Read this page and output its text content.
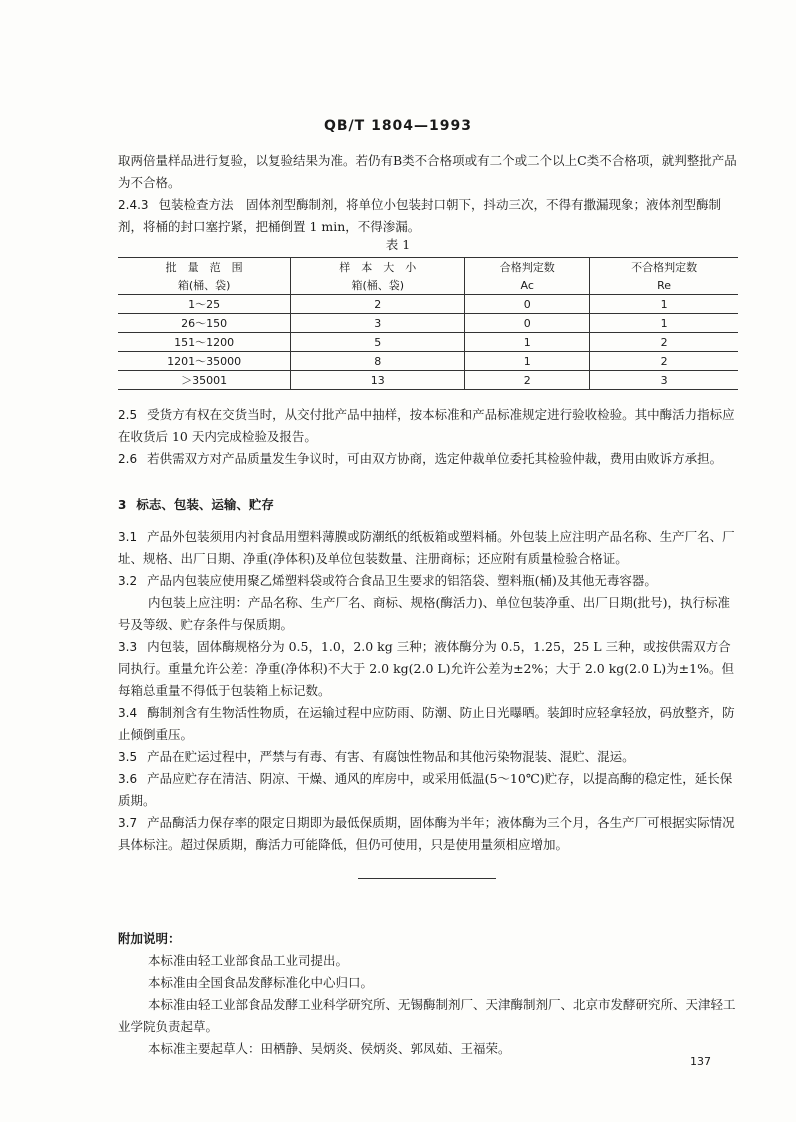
QB/T 1804—1993

取两倍量样品进行复验，以复验结果为准。若仍有B类不合格项或有二个或二个以上C类不合格项，就判整批产品为不合格。

2.4.3 包装检查方法　固体剂型酶制剂，将单位小包装封口朝下，抖动三次，不得有撒漏现象；液体剂型酶制剂，将桶的封口塞拧紧，把桶倒置 1 min，不得渗漏。

表 1
批　量　范　围	样　本　大　小	合格判定数	不合格判定数
箱(桶、袋)	箱(桶、袋)	Ac	Re
1～25	2	0	1
26～150	3	0	1
151～1200	5	1	2
1201～35000	8	1	2
＞35001	13	2	3

2.5 受货方有权在交货当时，从交付批产品中抽样，按本标准和产品标准规定进行验收检验。其中酶活力指标应在收货后 10 天内完成检验及报告。

2.6 若供需双方对产品质量发生争议时，可由双方协商，选定仲裁单位委托其检验仲裁，费用由败诉方承担。

3 标志、包装、运输、贮存

3.1 产品外包装须用内衬食品用塑料薄膜或防潮纸的纸板箱或塑料桶。外包装上应注明产品名称、生产厂名、厂址、规格、出厂日期、净重(净体积)及单位包装数量、注册商标；还应附有质量检验合格证。

3.2 产品内包装应使用聚乙烯塑料袋或符合食品卫生要求的铝箔袋、塑料瓶(桶)及其他无毒容器。

内包装上应注明：产品名称、生产厂名、商标、规格(酶活力)、单位包装净重、出厂日期(批号)，执行标准号及等级、贮存条件与保质期。

3.3 内包装，固体酶规格分为 0.5，1.0，2.0 kg 三种；液体酶分为 0.5，1.25，25 L 三种，或按供需双方合同执行。重量允许公差：净重(净体积)不大于 2.0 kg(2.0 L)允许公差为±2%；大于 2.0 kg(2.0 L)为±1%。但每箱总重量不得低于包装箱上标记数。

3.4 酶制剂含有生物活性物质，在运输过程中应防雨、防潮、防止日光曝晒。装卸时应轻拿轻放，码放整齐，防止倾倒重压。

3.5 产品在贮运过程中，严禁与有毒、有害、有腐蚀性物品和其他污染物混装、混贮、混运。

3.6 产品应贮存在清洁、阴凉、干燥、通风的库房中，或采用低温(5～10℃)贮存，以提高酶的稳定性，延长保质期。

3.7 产品酶活力保存率的限定日期即为最低保质期，固体酶为半年；液体酶为三个月，各生产厂可根据实际情况具体标注。超过保质期，酶活力可能降低，但仍可使用，只是使用量须相应增加。

附加说明：

本标准由轻工业部食品工业司提出。

本标准由全国食品发酵标准化中心归口。

本标准由轻工业部食品发酵工业科学研究所、无锡酶制剂厂、天津酶制剂厂、北京市发酵研究所、天津轻工业学院负责起草。

本标准主要起草人：田栖静、吴炳炎、侯炳炎、郭凤茹、王福荣。

137
